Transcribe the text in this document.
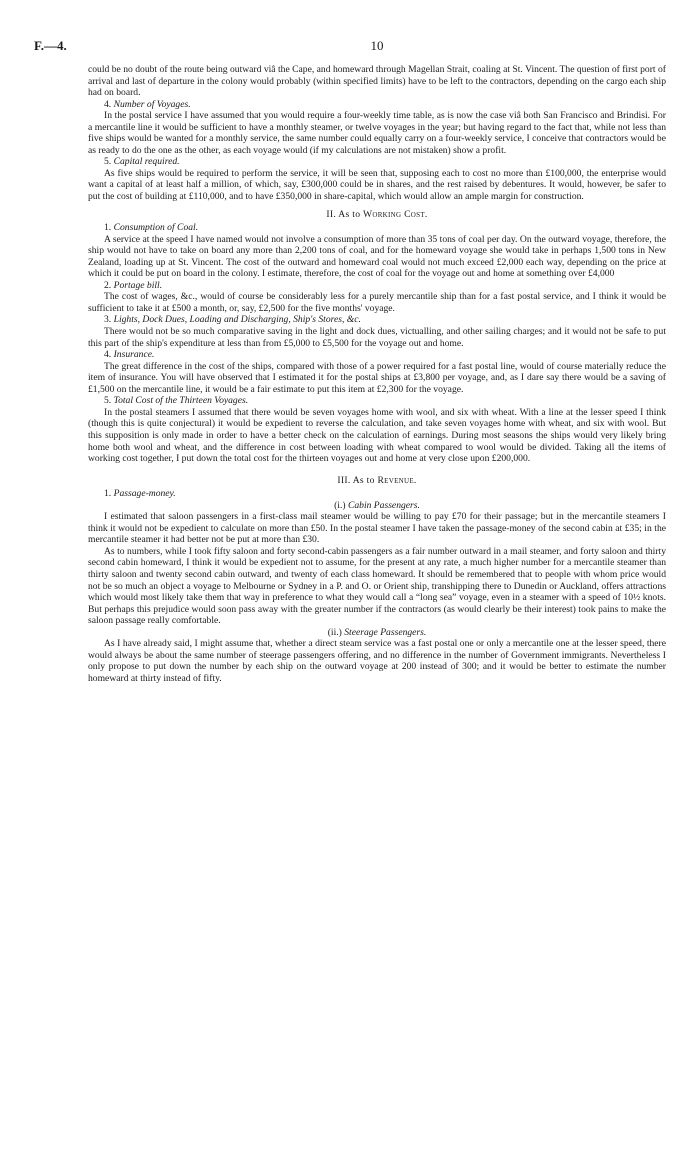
F.—4.	10

could be no doubt of the route being outward viâ the Cape, and homeward through Magellan Strait, coaling at St. Vincent. The question of first port of arrival and last of departure in the colony would probably (within specified limits) have to be left to the contractors, depending on the cargo each ship had on board.

4. Number of Voyages.

In the postal service I have assumed that you would require a four-weekly time table, as is now the case viâ both San Francisco and Brindisi. For a mercantile line it would be sufficient to have a monthly steamer, or twelve voyages in the year; but having regard to the fact that, while not less than five ships would be wanted for a monthly service, the same number could equally carry on a four-weekly service, I conceive that contractors would be as ready to do the one as the other, as each voyage would (if my calculations are not mistaken) show a profit.

5. Capital required.

As five ships would be required to perform the service, it will be seen that, supposing each to cost no more than £100,000, the enterprise would want a capital of at least half a million, of which, say, £300,000 could be in shares, and the rest raised by debentures. It would, however, be safer to put the cost of building at £110,000, and to have £350,000 in share-capital, which would allow an ample margin for construction.

II. As to Working Cost.
1. Consumption of Coal.

A service at the speed I have named would not involve a consumption of more than 35 tons of coal per day. On the outward voyage, therefore, the ship would not have to take on board any more than 2,200 tons of coal, and for the homeward voyage she would take in perhaps 1,500 tons in New Zealand, loading up at St. Vincent. The cost of the outward and homeward coal would not much exceed £2,000 each way, depending on the price at which it could be put on board in the colony. I estimate, therefore, the cost of coal for the voyage out and home at something over £4,000

2. Portage bill.

The cost of wages, &c., would of course be considerably less for a purely mercantile ship than for a fast postal service, and I think it would be sufficient to take it at £500 a month, or, say, £2,500 for the five months' voyage.

3. Lights, Dock Dues, Loading and Discharging, Ship's Stores, &c.

There would not be so much comparative saving in the light and dock dues, victualling, and other sailing charges; and it would not be safe to put this part of the ship's expenditure at less than from £5,000 to £5,500 for the voyage out and home.

4. Insurance.

The great difference in the cost of the ships, compared with those of a power required for a fast postal line, would of course materially reduce the item of insurance. You will have observed that I estimated it for the postal ships at £3,800 per voyage, and, as I dare say there would be a saving of £1,500 on the mercantile line, it would be a fair estimate to put this item at £2,300 for the voyage.

5. Total Cost of the Thirteen Voyages.

In the postal steamers I assumed that there would be seven voyages home with wool, and six with wheat. With a line at the lesser speed I think (though this is quite conjectural) it would be expedient to reverse the calculation, and take seven voyages home with wheat, and six with wool. But this supposition is only made in order to have a better check on the calculation of earnings. During most seasons the ships would very likely bring home both wool and wheat, and the difference in cost between loading with wheat compared to wool would be divided. Taking all the items of working cost together, I put down the total cost for the thirteen voyages out and home at very close upon £200,000.

III. As to Revenue.
1. Passage-money.
(i.) Cabin Passengers.

I estimated that saloon passengers in a first-class mail steamer would be willing to pay £70 for their passage; but in the mercantile steamers I think it would not be expedient to calculate on more than £50. In the postal steamer I have taken the passage-money of the second cabin at £35; in the mercantile steamer it had better not be put at more than £30.

As to numbers, while I took fifty saloon and forty second-cabin passengers as a fair number outward in a mail steamer, and forty saloon and thirty second cabin homeward, I think it would be expedient not to assume, for the present at any rate, a much higher number for a mercantile steamer than thirty saloon and twenty second cabin outward, and twenty of each class homeward. It should be remembered that to people with whom price would not be so much an object a voyage to Melbourne or Sydney in a P. and O. or Orient ship, transhipping there to Dunedin or Auckland, offers attractions which would most likely take them that way in preference to what they would call a “long sea” voyage, even in a steamer with a speed of 10½ knots. But perhaps this prejudice would soon pass away with the greater number if the contractors (as would clearly be their interest) took pains to make the saloon passage really comfortable.

(ii.) Steerage Passengers.

As I have already said, I might assume that, whether a direct steam service was a fast postal one or only a mercantile one at the lesser speed, there would always be about the same number of steerage passengers offering, and no difference in the number of Government immigrants. Nevertheless I only propose to put down the number by each ship on the outward voyage at 200 instead of 300; and it would be better to estimate the number homeward at thirty instead of fifty.
